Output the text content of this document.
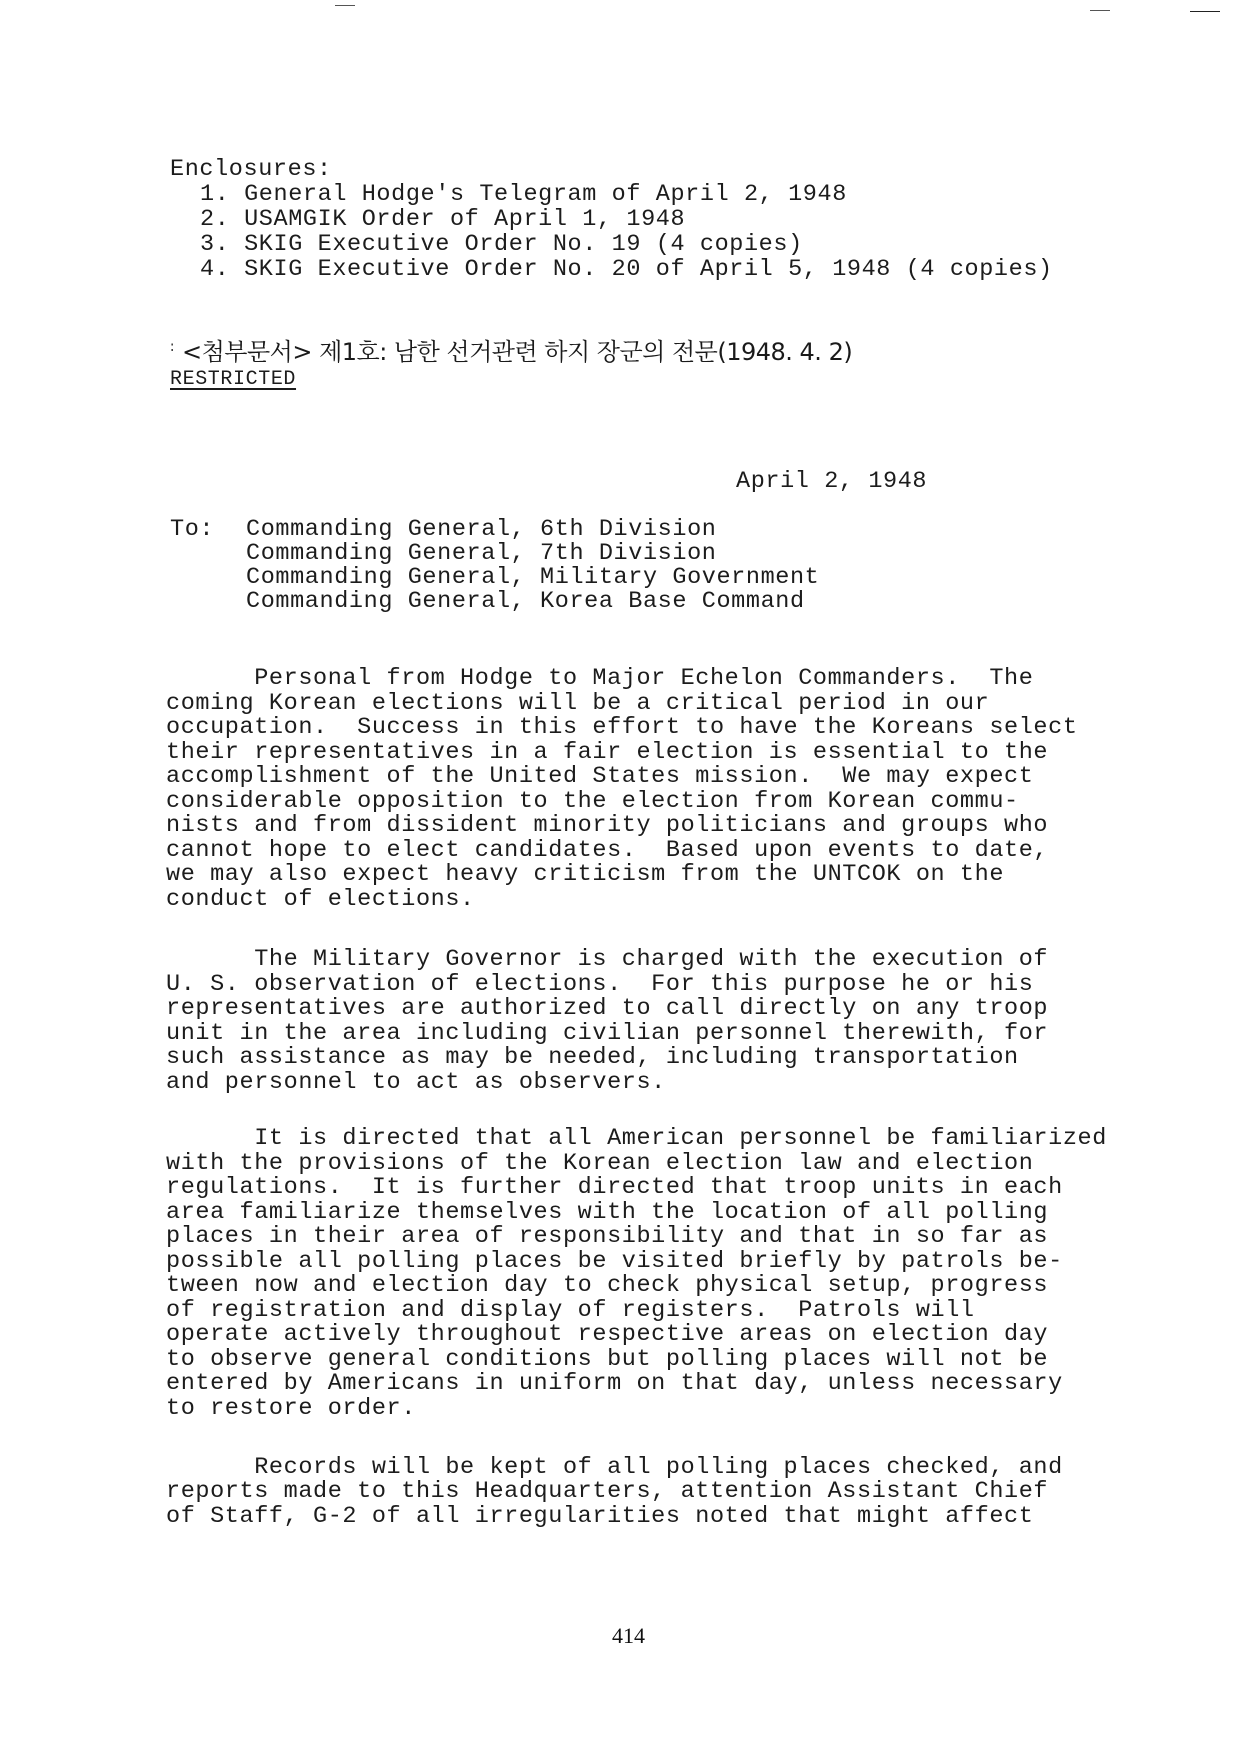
Enclosures:
1. General Hodge's Telegram of April 2, 1948
2. USAMGIK Order of April 1, 1948
3. SKIG Executive Order No. 19 (4 copies)
4. SKIG Executive Order No. 20 of April 5, 1948 (4 copies)
: <첨부문서> 제1호: 남한 선거관련 하지 장군의 전문(1948. 4. 2)
RESTRICTED
April 2, 1948
To: Commanding General, 6th Division
Commanding General, 7th Division
Commanding General, Military Government
Commanding General, Korea Base Command
Personal from Hodge to Major Echelon Commanders.  The
coming Korean elections will be a critical period in our
occupation.  Success in this effort to have the Koreans select
their representatives in a fair election is essential to the
accomplishment of the United States mission.  We may expect
considerable opposition to the election from Korean commu-
nists and from dissident minority politicians and groups who
cannot hope to elect candidates.  Based upon events to date,
we may also expect heavy criticism from the UNTCOK on the
conduct of elections.
The Military Governor is charged with the execution of
U. S. observation of elections.  For this purpose he or his
representatives are authorized to call directly on any troop
unit in the area including civilian personnel therewith, for
such assistance as may be needed, including transportation
and personnel to act as observers.
It is directed that all American personnel be familiarized
with the provisions of the Korean election law and election
regulations.  It is further directed that troop units in each
area familiarize themselves with the location of all polling
places in their area of responsibility and that in so far as
possible all polling places be visited briefly by patrols be-
tween now and election day to check physical setup, progress
of registration and display of registers.  Patrols will
operate actively throughout respective areas on election day
to observe general conditions but polling places will not be
entered by Americans in uniform on that day, unless necessary
to restore order.
Records will be kept of all polling places checked, and
reports made to this Headquarters, attention Assistant Chief
of Staff, G-2 of all irregularities noted that might affect
414
